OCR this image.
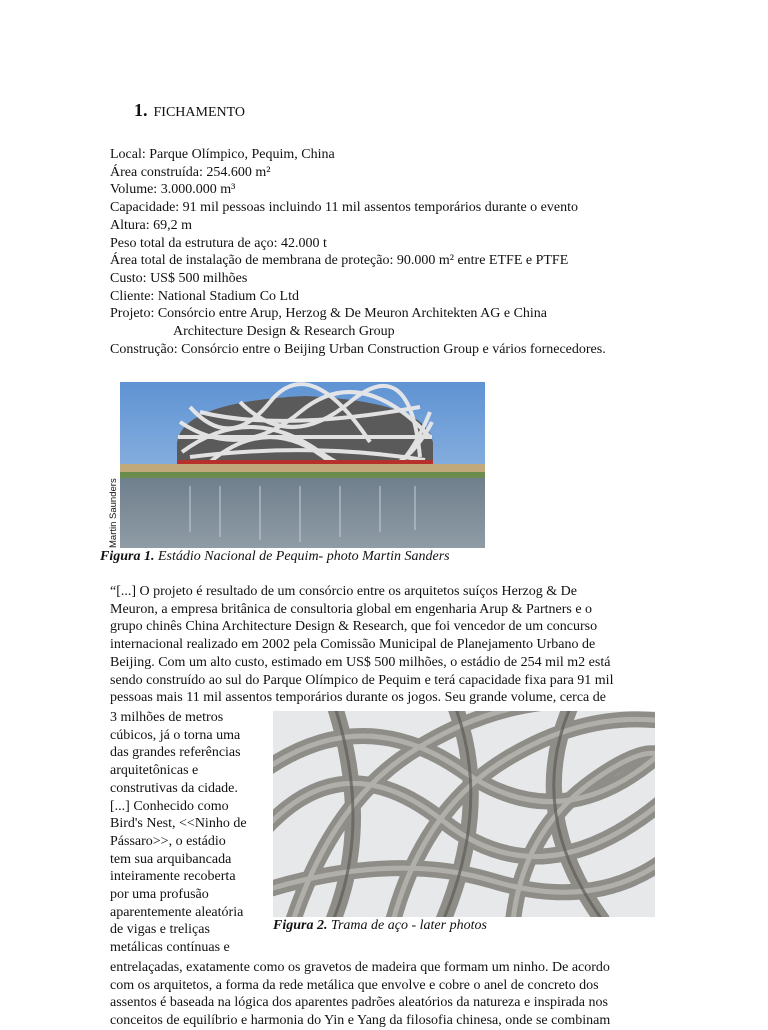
1. FICHAMENTO
Local: Parque Olímpico, Pequim, China
Área construída: 254.600 m²
Volume: 3.000.000 m³
Capacidade: 91 mil pessoas incluindo 11 mil assentos temporários durante o evento
Altura: 69,2 m
Peso total da estrutura de aço: 42.000 t
Área total de instalação de membrana de proteção: 90.000 m² entre ETFE e PTFE
Custo: US$ 500 milhões
Cliente: National Stadium Co Ltd
Projeto: Consórcio entre Arup, Herzog & De Meuron Architekten AG e China
Architecture Design & Research Group
Construção: Consórcio entre o Beijing Urban Construction Group e vários fornecedores.
Martin Saunders
Figura 1. Estádio Nacional de Pequim- photo Martin Sanders
“[...] O projeto é resultado de um consórcio entre os arquitetos suíços Herzog & De
Meuron, a empresa britânica de consultoria global em engenharia Arup & Partners e o
grupo chinês China Architecture Design & Research, que foi vencedor de um concurso
internacional realizado em 2002 pela Comissão Municipal de Planejamento Urbano de
Beijing. Com um alto custo, estimado em US$ 500 milhões, o estádio de 254 mil m2 está
sendo construído ao sul do Parque Olímpico de Pequim e terá capacidade fixa para 91 mil
pessoas mais 11 mil assentos temporários durante os jogos. Seu grande volume, cerca de
3 milhões de metros
cúbicos, já o torna uma
das grandes referências
arquitetônicas e
construtivas da cidade.
[...] Conhecido como
Bird's Nest, <<Ninho de
Pássaro>>, o estádio
tem sua arquibancada
inteiramente recoberta
por uma profusão
aparentemente aleatória
de vigas e treliças
metálicas contínuas e
Figura 2. Trama de aço - later photos
entrelaçadas, exatamente como os gravetos de madeira que formam um ninho. De acordo
com os arquitetos, a forma da rede metálica que envolve e cobre o anel de concreto dos
assentos é baseada na lógica dos aparentes padrões aleatórios da natureza e inspirada nos
conceitos de equilíbrio e harmonia do Yin e Yang da filosofia chinesa, onde se combinam
